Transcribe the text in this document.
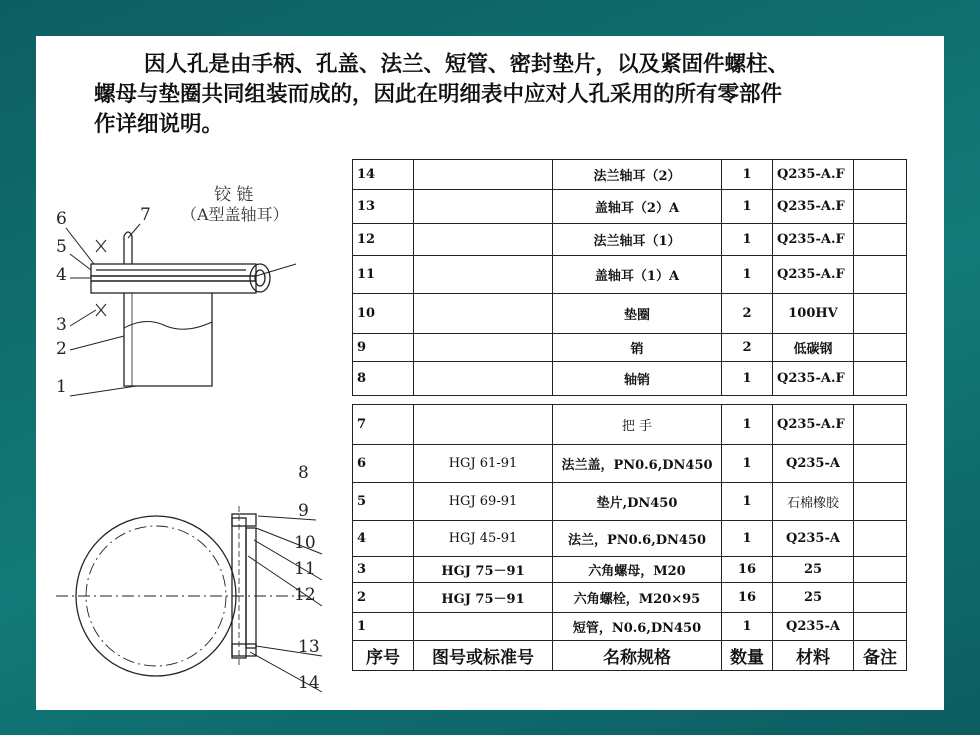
因人孔是由手柄、孔盖、法兰、短管、密封垫片，以及紧固件螺柱、

螺母与垫圈共同组装而成的，因此在明细表中应对人孔采用的所有零部件

作详细说明。

铰 链
（A型盖轴耳）
6	7
5
4
3
2
1
8
9
10
11
12
13
14
14		法兰轴耳（2）	1	Q235-A.F	
13		盖轴耳（2）A	1	Q235-A.F	
12		法兰轴耳（1）	1	Q235-A.F	
11		盖轴耳（1）A	1	Q235-A.F	
10		垫圈	2	100HV	
9		销	2	低碳钢	
8		轴销	1	Q235-A.F	
7		把 手	1	Q235-A.F	
6	HGJ 61-91	法兰盖，PN0.6,DN450	1	Q235-A	
5	HGJ 69-91	垫片,DN450	1	石棉橡胶	
4	HGJ 45-91	法兰，PN0.6,DN450	1	Q235-A	
3	HGJ 75－91	六角螺母，M20	16	25	
2	HGJ 75－91	六角螺栓，M20×95	16	25	
1		短管，N0.6,DN450	1	Q235-A	
序号	图号或标准号	名称规格	数量	材料	备注
